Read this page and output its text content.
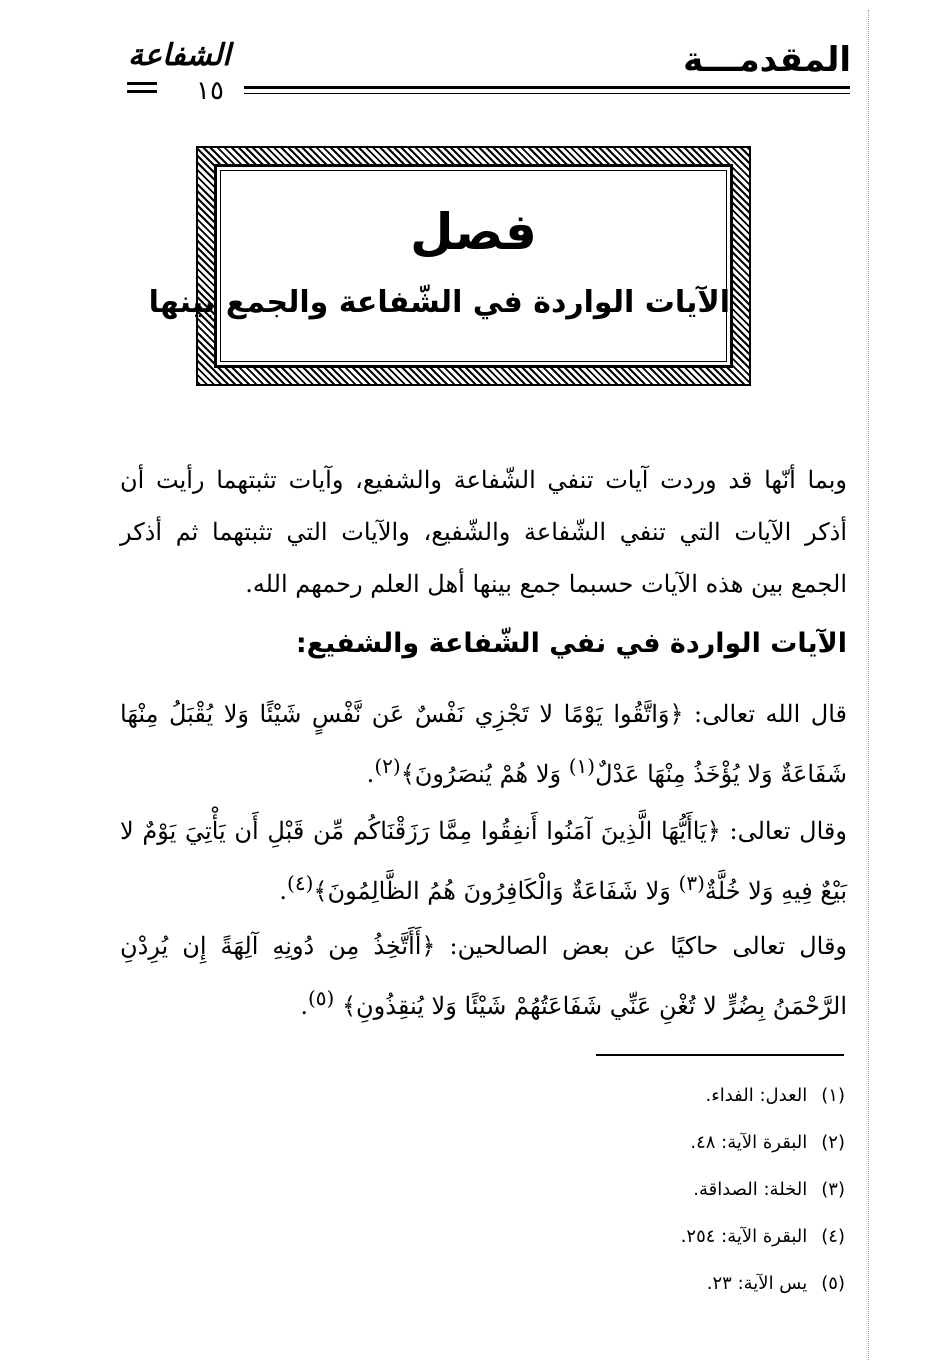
المقدمـــة
الشفاعة
١٥
فصل
الآيات الواردة في الشّفاعة والجمع بينها

وبما أنّها قد وردت آيات تنفي الشّفاعة والشفيع، وآيات تثبتهما رأيت أن أذكر الآيات التي تنفي الشّفاعة والشّفيع، والآيات التي تثبتهما ثم أذكر الجمع بين هذه الآيات حسبما جمع بينها أهل العلم رحمهم الله.

الآيات الواردة في نفي الشّفاعة والشفيع:

قال الله تعالى: ﴿وَاتَّقُوا يَوْمًا لا تَجْزِي نَفْسٌ عَن نَّفْسٍ شَيْئًا وَلا يُقْبَلُ مِنْهَا شَفَاعَةٌ وَلا يُؤْخَذُ مِنْهَا عَدْلٌ$^{(١)}$ وَلا هُمْ يُنصَرُونَ﴾$^{(٢)}$.

وقال تعالى: ﴿يَاأَيُّهَا الَّذِينَ آمَنُوا أَنفِقُوا مِمَّا رَزَقْنَاكُم مِّن قَبْلِ أَن يَأْتِيَ يَوْمٌ لا بَيْعٌ فِيهِ وَلا خُلَّةٌ$^{(٣)}$ وَلا شَفَاعَةٌ وَالْكَافِرُونَ هُمُ الظَّالِمُونَ﴾$^{(٤)}$.

وقال تعالى حاكيًا عن بعض الصالحين: ﴿أَأَتَّخِذُ مِن دُونِهِ آلِهَةً إِن يُرِدْنِ الرَّحْمَنُ بِضُرٍّ لا تُغْنِ عَنِّي شَفَاعَتُهُمْ شَيْئًا وَلا يُنقِذُونِ﴾ $^{(٥)}$.

(١)العدل: الفداء.
(٢)البقرة الآية: ٤٨.
(٣)الخلة: الصداقة.
(٤)البقرة الآية: ٢٥٤.
(٥)يس الآية: ٢٣.
